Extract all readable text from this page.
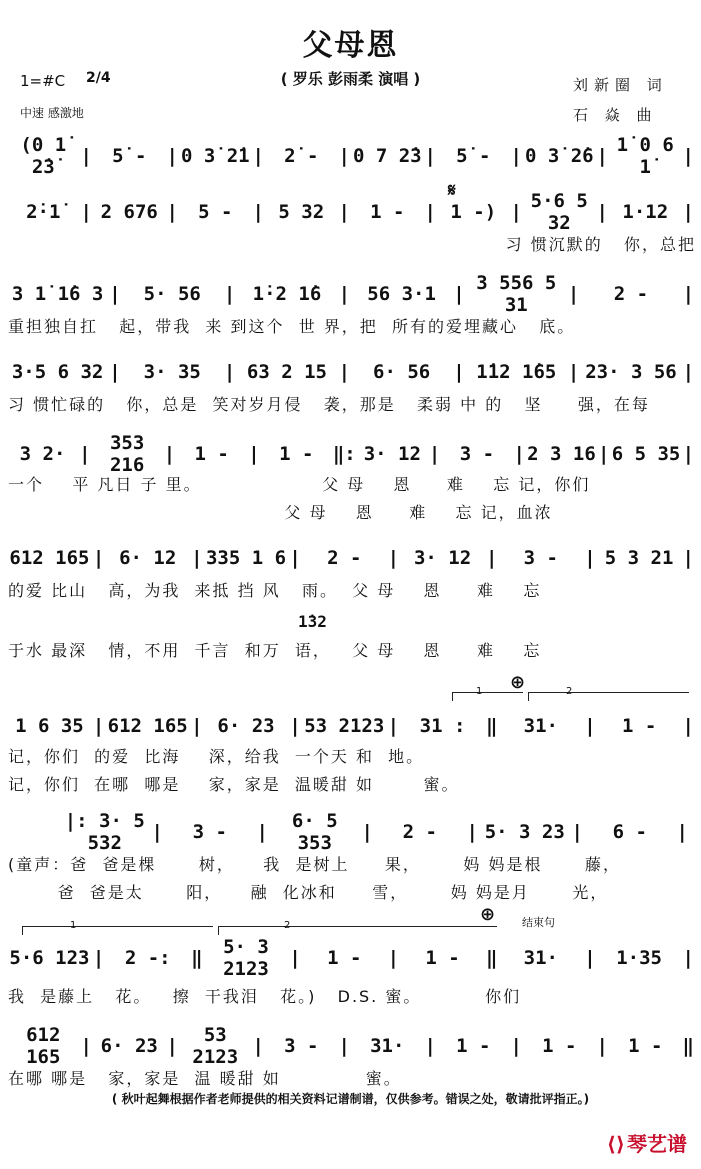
父母恩
( 罗乐 彭雨柔 演唱 )
1=#C 2/4
中速 感激地
刘新圈 词
石 焱 曲
(0 1̇ 2̇3̇	|	5̇ -	| 0 3̇ 2̇1̇ |	2̇ -	| 0 7 2̇3̇ |	5̇ -	| 0 3̇ 2̇6 | 1̇ 0 6 1̇	|
𝄋
2̇·1̇	| 2 676 |	5 -	| 5 32 |	1 -	| 1 -) | 5·6 5 32	| 1·12 |
习 惯沉默的   你，总把
3 1̇ 1̇6 3 |	5· 56	| 1̇·2 1̇6 | 56 3·1 | 3 556 5 31	|	2 -	|
重担独自扛   起，带我  来 到这个  世 界，把  所有的爱埋藏心   底。
3·5 6 32 |	3· 35	| 63 2 15 |	6· 56	| 1̇12 1̇65 | 23· 3 56 |
习 惯忙碌的   你，总是  笑对岁月侵   袭，那是   柔弱 中 的   坚     强，在每
3 2· |	353 216	|	1 -	|	1 -	‖: 3· 12 |	3 -	| 2 3 16 | 6 5 35 |
一个    平 凡日 子 里。                 父 母    恩     难    忘 记，你们
父 母    恩     难    忘 记，血浓
612 165 | 6· 12 | 335 1 6 |	2 -	| 3· 12 |	3 -	| 5 3 21 |
的爱 比山   高，为我  来抵 挡 风   雨。  父 母    恩     难    忘
1̇32
于水 最深   情，不用  千言  和万  语，   父 母    恩     难    忘
⊕
1	2
1 6 35 | 612 165 | 6· 23 | 53 2123 |	31 :	‖	31·	|	1 -	|
记，你们  的爱  比海    深，给我  一个天 和  地。
记，你们  在哪  哪是    家，家是  温暖甜 如       蜜。
|: 3· 5 532	|	3 -	|	6· 5 353	|	2 -	| 5· 3 23 |	6 -	|
(童声：爸  爸是棵      树，    我  是树上     果，      妈 妈是根      藤，
爸  爸是太      阳，    融  化冰和     雪，      妈 妈是月      光，
⊕
1	2	结束句
5·6 123 |	2 -:	‖	5· 3 2123	|	1 -	|	1 -	‖	31·	|	1·35	|
我  是藤上   花。   擦  干我泪   花。)   D.S. 蜜。         你们
612 165	| 6· 23 |	53 2123 |	3 -	|	31·	|	1 -	|	1 -	|	1 -	‖
在哪 哪是   家，家是  温 暖甜 如            蜜。
( 秋叶起舞根据作者老师提供的相关资料记谱制谱，仅供参考。错误之处，敬请批评指正。)
⟨⟩ 琴艺谱
